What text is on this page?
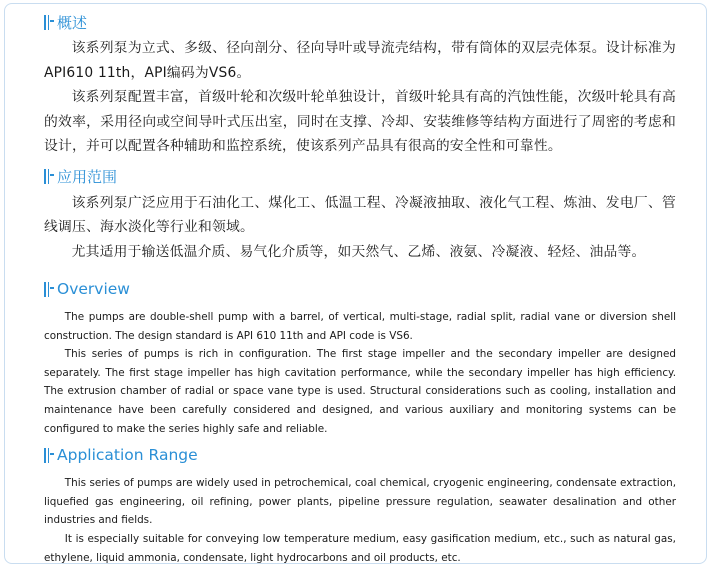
概述

该系列泵为立式、多级、径向剖分、径向导叶或导流壳结构，带有筒体的双层壳体泵。设计标准为API610 11th，API编码为VS6。

该系列泵配置丰富，首级叶轮和次级叶轮单独设计，首级叶轮具有高的汽蚀性能，次级叶轮具有高的效率，采用径向或空间导叶式压出室，同时在支撑、冷却、安装维修等结构方面进行了周密的考虑和设计，并可以配置各种辅助和监控系统，使该系列产品具有很高的安全性和可靠性。

应用范围

该系列泵广泛应用于石油化工、煤化工、低温工程、冷凝液抽取、液化气工程、炼油、发电厂、管线调压、海水淡化等行业和领域。

尤其适用于输送低温介质、易气化介质等，如天然气、乙烯、液氨、冷凝液、轻烃、油品等。

Overview

The pumps are double-shell pump with a barrel, of vertical, multi-stage, radial split, radial vane or diversion shell construction. The design standard is API 610 11th and API code is VS6.

This series of pumps is rich in configuration. The first stage impeller and the secondary impeller are designed separately. The first stage impeller has high cavitation performance, while the secondary impeller has high efficiency. The extrusion chamber of radial or space vane type is used. Structural considerations such as cooling, installation and maintenance have been carefully considered and designed, and various auxiliary and monitoring systems can be configured to make the series highly safe and reliable.

Application Range

This series of pumps are widely used in petrochemical, coal chemical, cryogenic engineering, condensate extraction, liquefied gas engineering, oil refining, power plants, pipeline pressure regulation, seawater desalination and other industries and fields.

It is especially suitable for conveying low temperature medium, easy gasification medium, etc., such as natural gas, ethylene, liquid ammonia, condensate, light hydrocarbons and oil products, etc.
